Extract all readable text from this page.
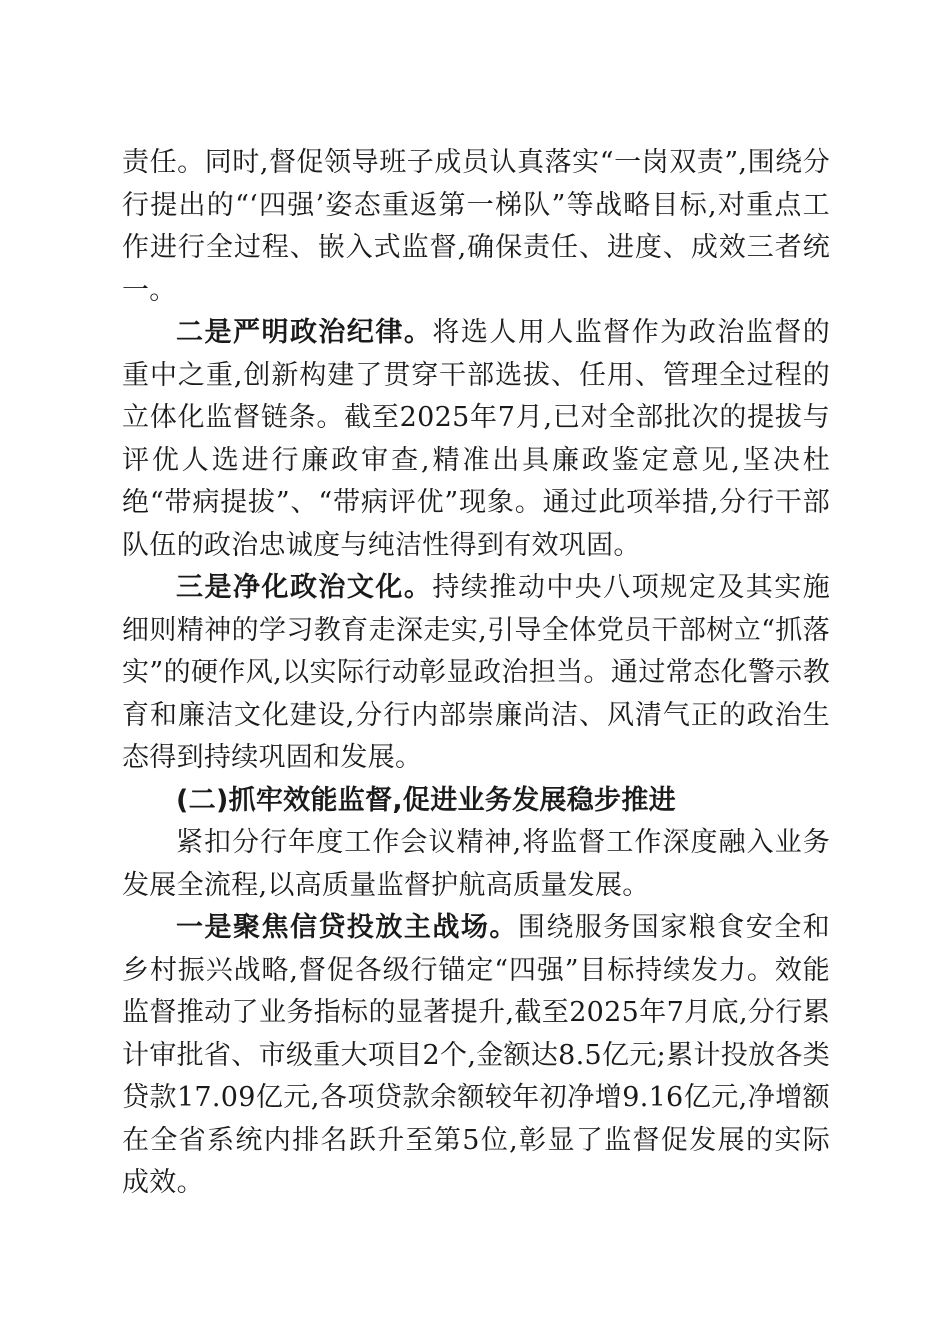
责任。同时,督促领导班子成员认真落实“一岗双责”,围绕分行提出的“‘四强’姿态重返第一梯队”等战略目标,对重点工作进行全过程、嵌入式监督,确保责任、进度、成效三者统一。

二是严明政治纪律。将选人用人监督作为政治监督的重中之重,创新构建了贯穿干部选拔、任用、管理全过程的立体化监督链条。截至2025年7月,已对全部批次的提拔与评优人选进行廉政审查,精准出具廉政鉴定意见,坚决杜绝“带病提拔”、“带病评优”现象。通过此项举措,分行干部队伍的政治忠诚度与纯洁性得到有效巩固。

三是净化政治文化。持续推动中央八项规定及其实施细则精神的学习教育走深走实,引导全体党员干部树立“抓落实”的硬作风,以实际行动彰显政治担当。通过常态化警示教育和廉洁文化建设,分行内部崇廉尚洁、风清气正的政治生态得到持续巩固和发展。

(二)抓牢效能监督,促进业务发展稳步推进

紧扣分行年度工作会议精神,将监督工作深度融入业务发展全流程,以高质量监督护航高质量发展。

一是聚焦信贷投放主战场。围绕服务国家粮食安全和乡村振兴战略,督促各级行锚定“四强”目标持续发力。效能监督推动了业务指标的显著提升,截至2025年7月底,分行累计审批省、市级重大项目2个,金额达8.5亿元;累计投放各类贷款17.09亿元,各项贷款余额较年初净增9.16亿元,净增额在全省系统内排名跃升至第5位,彰显了监督促发展的实际成效。
